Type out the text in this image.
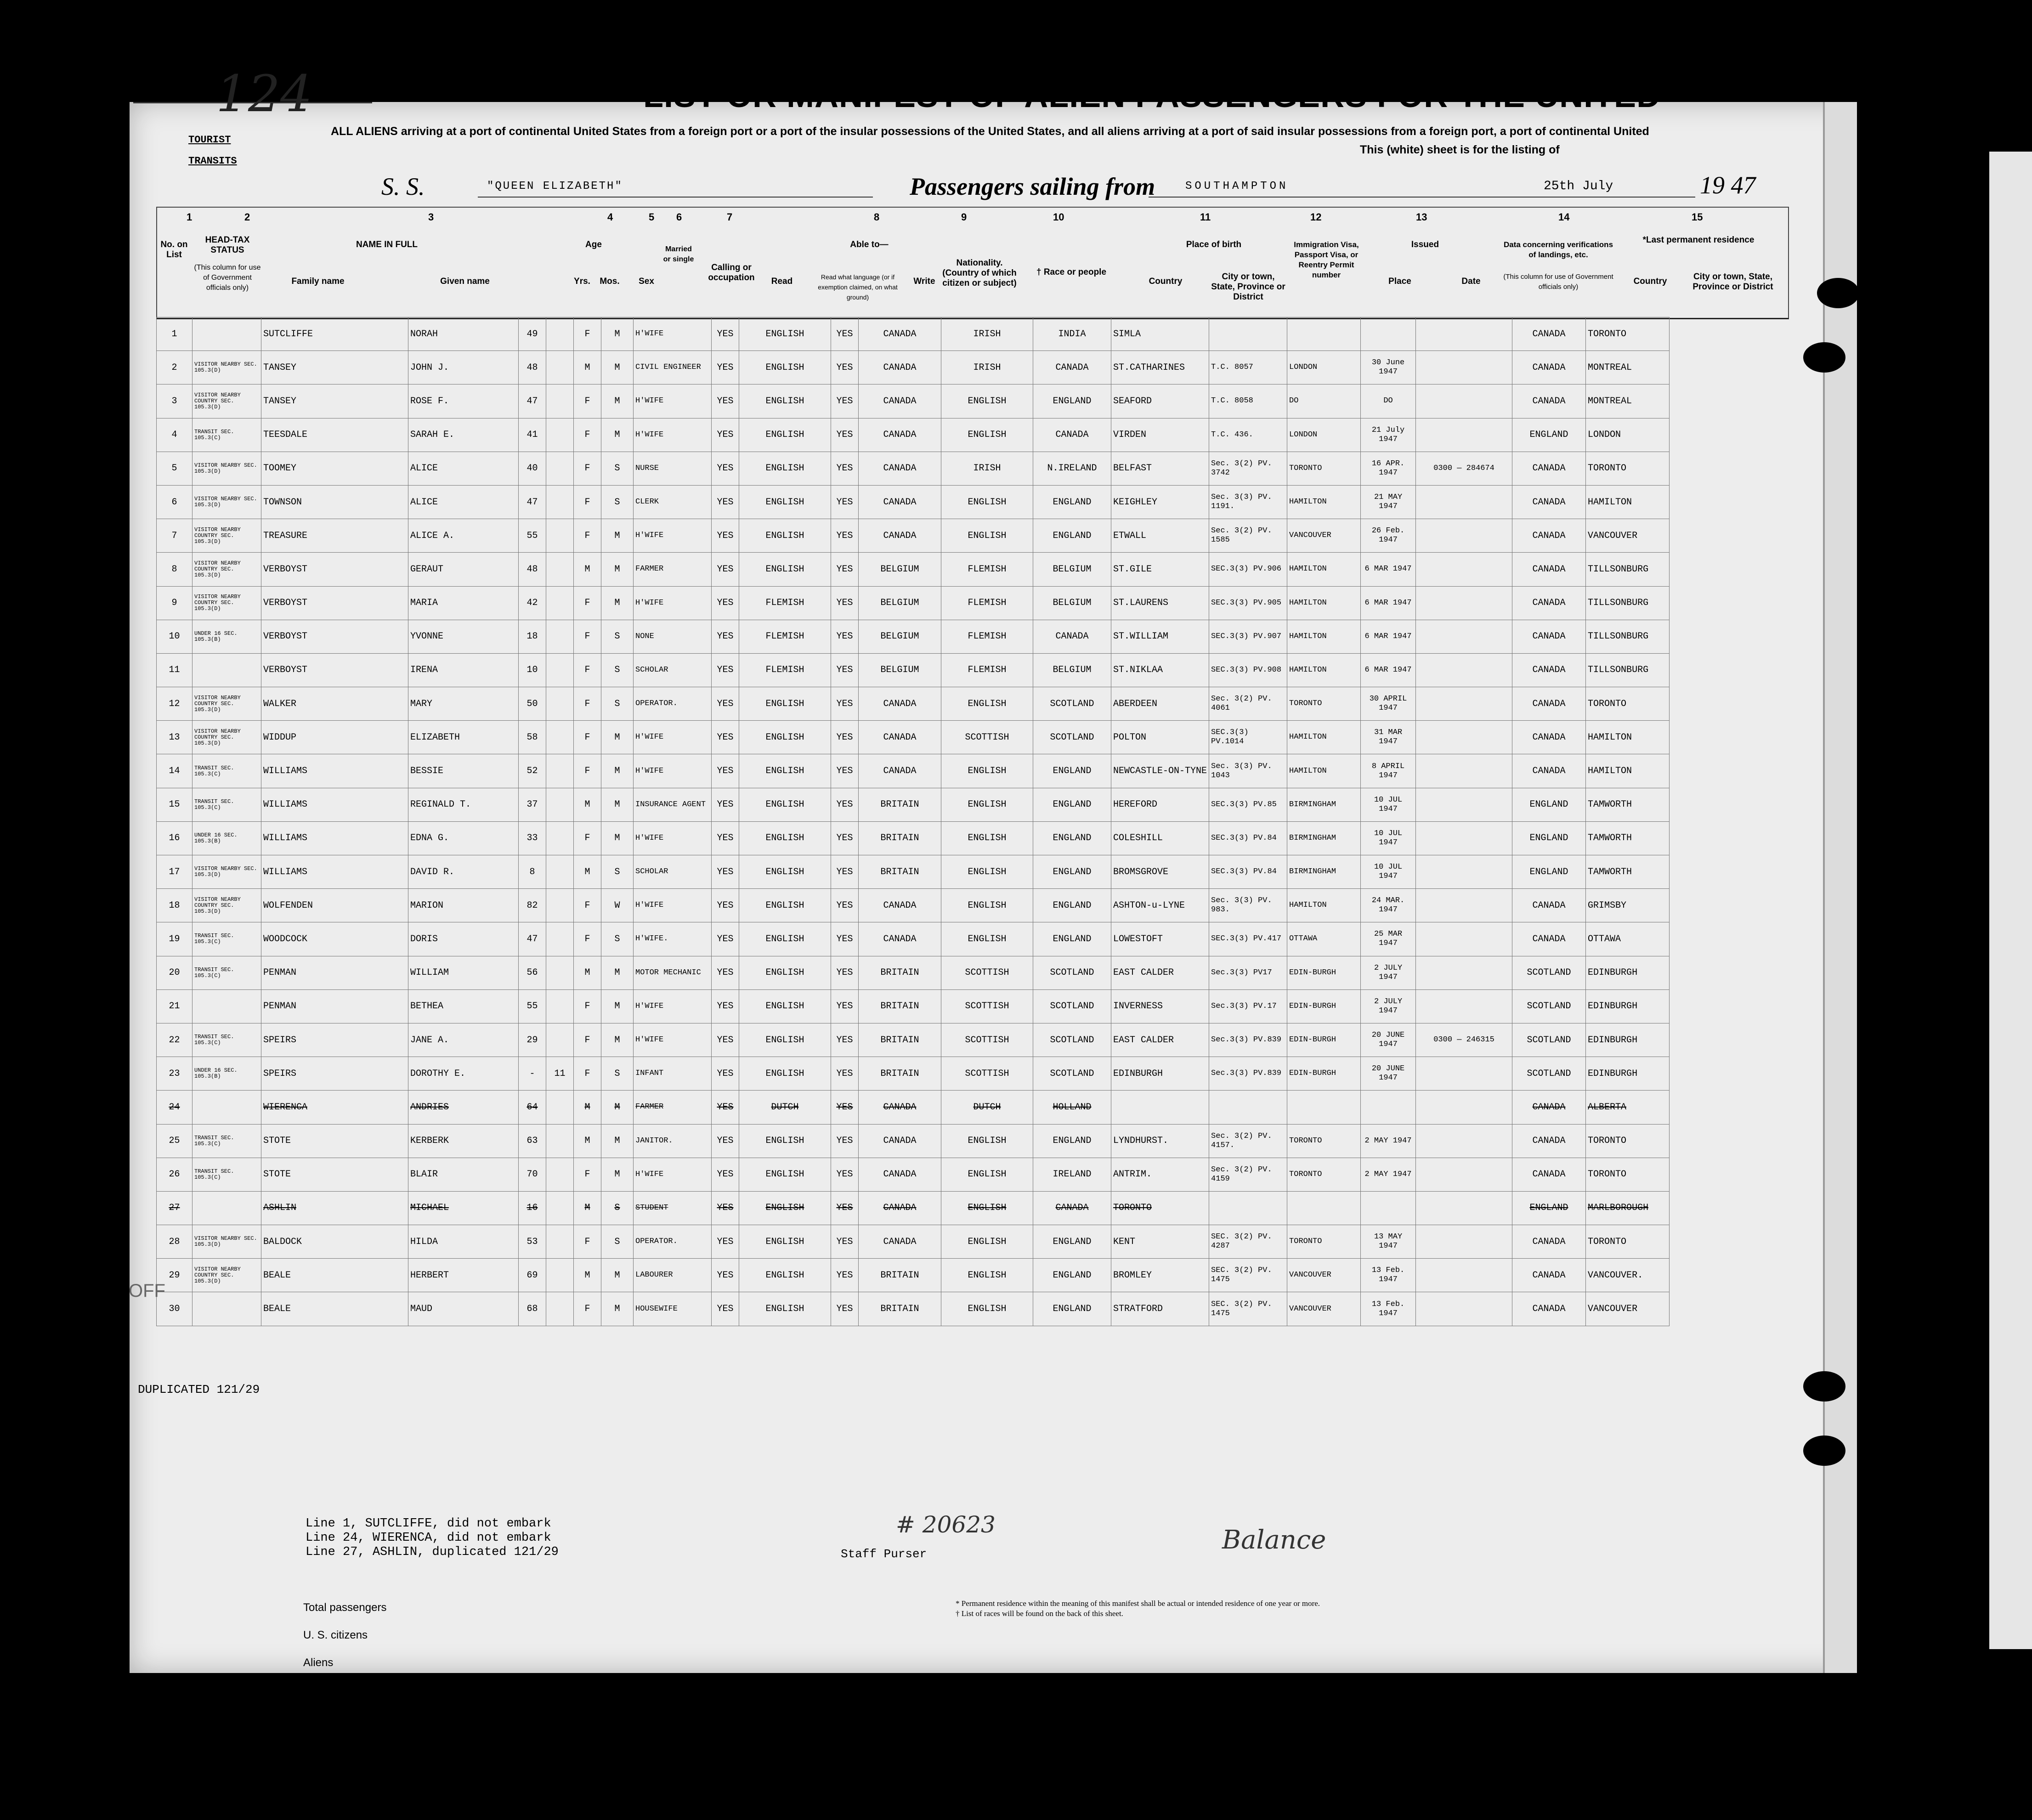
Form I.415.
(Old 630-B)
U. S. DEPARTMENT OF JUSTICE
IMMIGRATION AND NATURALIZATION SERVICE
(Edition 6-15-43)
Form Approved
Budget Bureau No. 43-R019-42
List 124
TOURIST
TRANSITS
LIST OR MANIFEST OF ALIEN PASSENGERS FOR THE UNITED
ALL ALIENS arriving at a port of continental United States from a foreign port or a port of the insular possessions of the United States, and all aliens arriving at a port of said insular possessions from a foreign port, a port of continental United
This (white) sheet is for the listing of
S. S.	"QUEEN ELIZABETH"	Passengers sailing from	SOUTHAMPTON	25th July	19 47
1	2	3	4	5 6	7	8	9	10	11	12	13	14	15
No. on List
HEAD-TAX STATUS
(This column for use of Government officials only)
NAME IN FULL
Family name	Given name
Age
Yrs.	Mos.	Sex
Married or single
Calling or occupation
Able to—
Read	Read what language (or if exemption claimed, on what ground)
Write
Nationality. (Country of which citizen or subject)
† Race or people
Place of birth
Country	City or town, State, Province or District
Immigration Visa, Passport Visa, or Reentry Permit number
Issued
Place	Date
Data concerning verifications of landings, etc.
(This column for use of Government officials only)
*Last permanent residence
Country	City or town, State, Province or District
1		SUTCLIFFE	NORAH	49		F	M	H'WIFE	YES	ENGLISH	YES	CANADA	IRISH	INDIA	SIMLA					CANADA	TORONTO
2	VISITOR NEARBY SEC. 105.3(D)	TANSEY	JOHN J.	48		M	M	CIVIL ENGINEER	YES	ENGLISH	YES	CANADA	IRISH	CANADA	ST.CATHARINES	T.C. 8057	LONDON	30 June 1947		CANADA	MONTREAL
3	VISITOR NEARBY COUNTRY SEC. 105.3(D)	TANSEY	ROSE F.	47		F	M	H'WIFE	YES	ENGLISH	YES	CANADA	ENGLISH	ENGLAND	SEAFORD	T.C. 8058	DO	DO		CANADA	MONTREAL
4	TRANSIT SEC. 105.3(C)	TEESDALE	SARAH E.	41		F	M	H'WIFE	YES	ENGLISH	YES	CANADA	ENGLISH	CANADA	VIRDEN	T.C. 436.	LONDON	21 July 1947		ENGLAND	LONDON
5	VISITOR NEARBY SEC. 105.3(D)	TOOMEY	ALICE	40		F	S	NURSE	YES	ENGLISH	YES	CANADA	IRISH	N.IRELAND	BELFAST	Sec. 3(2) PV. 3742	TORONTO	16 APR. 1947	0300 — 284674	CANADA	TORONTO
6	VISITOR NEARBY SEC. 105.3(D)	TOWNSON	ALICE	47		F	S	CLERK	YES	ENGLISH	YES	CANADA	ENGLISH	ENGLAND	KEIGHLEY	Sec. 3(3) PV. 1191.	HAMILTON	21 MAY 1947		CANADA	HAMILTON
7	VISITOR NEARBY COUNTRY SEC. 105.3(D)	TREASURE	ALICE A.	55		F	M	H'WIFE	YES	ENGLISH	YES	CANADA	ENGLISH	ENGLAND	ETWALL	Sec. 3(2) PV. 1585	VANCOUVER	26 Feb. 1947		CANADA	VANCOUVER
8	VISITOR NEARBY COUNTRY SEC. 105.3(D)	VERBOYST	GERAUT	48		M	M	FARMER	YES	ENGLISH	YES	BELGIUM	FLEMISH	BELGIUM	ST.GILE	SEC.3(3) PV.906	HAMILTON	6 MAR 1947		CANADA	TILLSONBURG
9	VISITOR NEARBY COUNTRY SEC. 105.3(D)	VERBOYST	MARIA	42		F	M	H'WIFE	YES	FLEMISH	YES	BELGIUM	FLEMISH	BELGIUM	ST.LAURENS	SEC.3(3) PV.905	HAMILTON	6 MAR 1947		CANADA	TILLSONBURG
10	UNDER 16 SEC. 105.3(B)	VERBOYST	YVONNE	18		F	S	NONE	YES	FLEMISH	YES	BELGIUM	FLEMISH	CANADA	ST.WILLIAM	SEC.3(3) PV.907	HAMILTON	6 MAR 1947		CANADA	TILLSONBURG
11		VERBOYST	IRENA	10		F	S	SCHOLAR	YES	FLEMISH	YES	BELGIUM	FLEMISH	BELGIUM	ST.NIKLAA	SEC.3(3) PV.908	HAMILTON	6 MAR 1947		CANADA	TILLSONBURG
12	VISITOR NEARBY COUNTRY SEC. 105.3(D)	WALKER	MARY	50		F	S	OPERATOR.	YES	ENGLISH	YES	CANADA	ENGLISH	SCOTLAND	ABERDEEN	Sec. 3(2) PV. 4061	TORONTO	30 APRIL 1947		CANADA	TORONTO
13	VISITOR NEARBY COUNTRY SEC. 105.3(D)	WIDDUP	ELIZABETH	58		F	M	H'WIFE	YES	ENGLISH	YES	CANADA	SCOTTISH	SCOTLAND	POLTON	SEC.3(3) PV.1014	HAMILTON	31 MAR 1947		CANADA	HAMILTON
14	TRANSIT SEC. 105.3(C)	WILLIAMS	BESSIE	52		F	M	H'WIFE	YES	ENGLISH	YES	CANADA	ENGLISH	ENGLAND	NEWCASTLE-ON-TYNE	Sec. 3(3) PV. 1043	HAMILTON	8 APRIL 1947		CANADA	HAMILTON
15	TRANSIT SEC. 105.3(C)	WILLIAMS	REGINALD T.	37		M	M	INSURANCE AGENT	YES	ENGLISH	YES	BRITAIN	ENGLISH	ENGLAND	HEREFORD	SEC.3(3) PV.85	BIRMINGHAM	10 JUL 1947		ENGLAND	TAMWORTH
16	UNDER 16 SEC. 105.3(B)	WILLIAMS	EDNA G.	33		F	M	H'WIFE	YES	ENGLISH	YES	BRITAIN	ENGLISH	ENGLAND	COLESHILL	SEC.3(3) PV.84	BIRMINGHAM	10 JUL 1947		ENGLAND	TAMWORTH
17	VISITOR NEARBY SEC. 105.3(D)	WILLIAMS	DAVID R.	8		M	S	SCHOLAR	YES	ENGLISH	YES	BRITAIN	ENGLISH	ENGLAND	BROMSGROVE	SEC.3(3) PV.84	BIRMINGHAM	10 JUL 1947		ENGLAND	TAMWORTH
18	VISITOR NEARBY COUNTRY SEC. 105.3(D)	WOLFENDEN	MARION	82		F	W	H'WIFE	YES	ENGLISH	YES	CANADA	ENGLISH	ENGLAND	ASHTON-u-LYNE	Sec. 3(3) PV. 983.	HAMILTON	24 MAR. 1947		CANADA	GRIMSBY
19	TRANSIT SEC. 105.3(C)	WOODCOCK	DORIS	47		F	S	H'WIFE.	YES	ENGLISH	YES	CANADA	ENGLISH	ENGLAND	LOWESTOFT	SEC.3(3) PV.417	OTTAWA	25 MAR 1947		CANADA	OTTAWA
20	TRANSIT SEC. 105.3(C)	PENMAN	WILLIAM	56		M	M	MOTOR MECHANIC	YES	ENGLISH	YES	BRITAIN	SCOTTISH	SCOTLAND	EAST CALDER	Sec.3(3) PV17	EDIN-BURGH	2 JULY 1947		SCOTLAND	EDINBURGH
21		PENMAN	BETHEA	55		F	M	H'WIFE	YES	ENGLISH	YES	BRITAIN	SCOTTISH	SCOTLAND	INVERNESS	Sec.3(3) PV.17	EDIN-BURGH	2 JULY 1947		SCOTLAND	EDINBURGH
22	TRANSIT SEC. 105.3(C)	SPEIRS	JANE A.	29		F	M	H'WIFE	YES	ENGLISH	YES	BRITAIN	SCOTTISH	SCOTLAND	EAST CALDER	Sec.3(3) PV.839	EDIN-BURGH	20 JUNE 1947	0300 — 246315	SCOTLAND	EDINBURGH
23	UNDER 16 SEC. 105.3(B)	SPEIRS	DOROTHY E.	-	11	F	S	INFANT	YES	ENGLISH	YES	BRITAIN	SCOTTISH	SCOTLAND	EDINBURGH	Sec.3(3) PV.839	EDIN-BURGH	20 JUNE 1947		SCOTLAND	EDINBURGH
24		WIERENCA	ANDRIES	64		M	M	FARMER	YES	DUTCH	YES	CANADA	DUTCH	HOLLAND						CANADA	ALBERTA
25	TRANSIT SEC. 105.3(C)	STOTE	KERBERK	63		M	M	JANITOR.	YES	ENGLISH	YES	CANADA	ENGLISH	ENGLAND	LYNDHURST.	Sec. 3(2) PV. 4157.	TORONTO	2 MAY 1947		CANADA	TORONTO
26	TRANSIT SEC. 105.3(C)	STOTE	BLAIR	70		F	M	H'WIFE	YES	ENGLISH	YES	CANADA	ENGLISH	IRELAND	ANTRIM.	Sec. 3(2) PV. 4159	TORONTO	2 MAY 1947		CANADA	TORONTO
27		ASHLIN	MICHAEL	16		M	S	STUDENT	YES	ENGLISH	YES	CANADA	ENGLISH	CANADA	TORONTO					ENGLAND	MARLBOROUGH
28	VISITOR NEARBY SEC. 105.3(D)	BALDOCK	HILDA	53		F	S	OPERATOR.	YES	ENGLISH	YES	CANADA	ENGLISH	ENGLAND	KENT	SEC. 3(2) PV. 4287	TORONTO	13 MAY 1947		CANADA	TORONTO
29	VISITOR NEARBY COUNTRY SEC. 105.3(D)	BEALE	HERBERT	69		M	M	LABOURER	YES	ENGLISH	YES	BRITAIN	ENGLISH	ENGLAND	BROMLEY	SEC. 3(2) PV. 1475	VANCOUVER	13 Feb. 1947		CANADA	VANCOUVER.
30		BEALE	MAUD	68		F	M	HOUSEWIFE	YES	ENGLISH	YES	BRITAIN	ENGLISH	ENGLAND	STRATFORD	SEC. 3(2) PV. 1475	VANCOUVER	13 Feb. 1947		CANADA	VANCOUVER
OFF
DUPLICATED 121/29
Line 1, SUTCLIFFE, did not embark
Line 24, WIERENCA, did not embark
Line 27, ASHLIN, duplicated 121/29	Staff Purser
# 20623
Balance
Total passengers
U. S. citizens
Aliens
* Permanent residence within the meaning of this manifest shall be actual or intended residence of one year or more.
† List of races will be found on the back of this sheet.
